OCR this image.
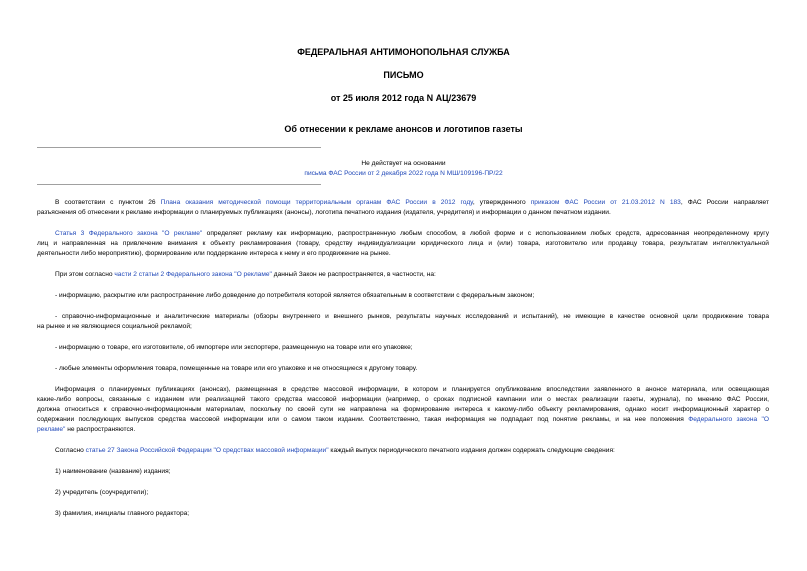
ФЕДЕРАЛЬНАЯ АНТИМОНОПОЛЬНАЯ СЛУЖБА
ПИСЬМО
от 25 июля 2012 года N АЦ/23679
Об отнесении к рекламе анонсов и логотипов газеты
Не действует на основании
письма ФАС России от 2 декабря 2022 года N МШ/109196-ПР/22
В соответствии с пунктом 26 Плана оказания методической помощи территориальным органам ФАС России в 2012 году, утвержденного приказом ФАС России от 21.03.2012 N 183, ФАС России направляет
разъяснения об отнесении к рекламе информации о планируемых публикациях (анонсы), логотипа печатного издания (издателя, учредителя) и информации о данном печатном издании.
Статья 3 Федерального закона "О рекламе" определяет рекламу как информацию, распространенную любым способом, в любой форме и с использованием любых средств, адресованная неопределенному кругу
лиц и направленная на привлечение внимания к объекту рекламирования (товару, средству индивидуализации юридического лица и (или) товара, изготовителю или продавцу товара, результатам интеллектуальной
деятельности либо мероприятию), формирование или поддержание интереса к нему и его продвижение на рынке.
При этом согласно части 2 статьи 2 Федерального закона "О рекламе" данный Закон не распространяется, в частности, на:
- информацию, раскрытие или распространение либо доведение до потребителя которой является обязательным в соответствии с федеральным законом;
- справочно-информационные и аналитические материалы (обзоры внутреннего и внешнего рынков, результаты научных исследований и испытаний), не имеющие в качестве основной цели продвижение товара
на рынке и не являющиеся социальной рекламой;
- информацию о товаре, его изготовителе, об импортере или экспортере, размещенную на товаре или его упаковке;
- любые элементы оформления товара, помещенные на товаре или его упаковке и не относящиеся к другому товару.
Информация о планируемых публикациях (анонсах), размещенная в средстве массовой информации, в котором и планируется опубликование впоследствии заявленного в анонсе материала, или освещающая
какие-либо вопросы, связанные с изданием или реализацией такого средства массовой информации (например, о сроках подписной кампании или о местах реализации газеты, журнала), по мнению ФАС России,
должна относиться к справочно-информационным материалам, поскольку по своей сути не направлена на формирование интереса к какому-либо объекту рекламирования, однако носит информационный характер о
содержании последующих выпусков средства массовой информации или о самом таком издании. Соответственно, такая информация не подпадает под понятие рекламы, и на нее положения Федерального закона "О
рекламе" не распространяются.
Согласно статье 27 Закона Российской Федерации "О средствах массовой информации" каждый выпуск периодического печатного издания должен содержать следующие сведения:
1) наименование (название) издания;
2) учредитель (соучредители);
3) фамилия, инициалы главного редактора;
